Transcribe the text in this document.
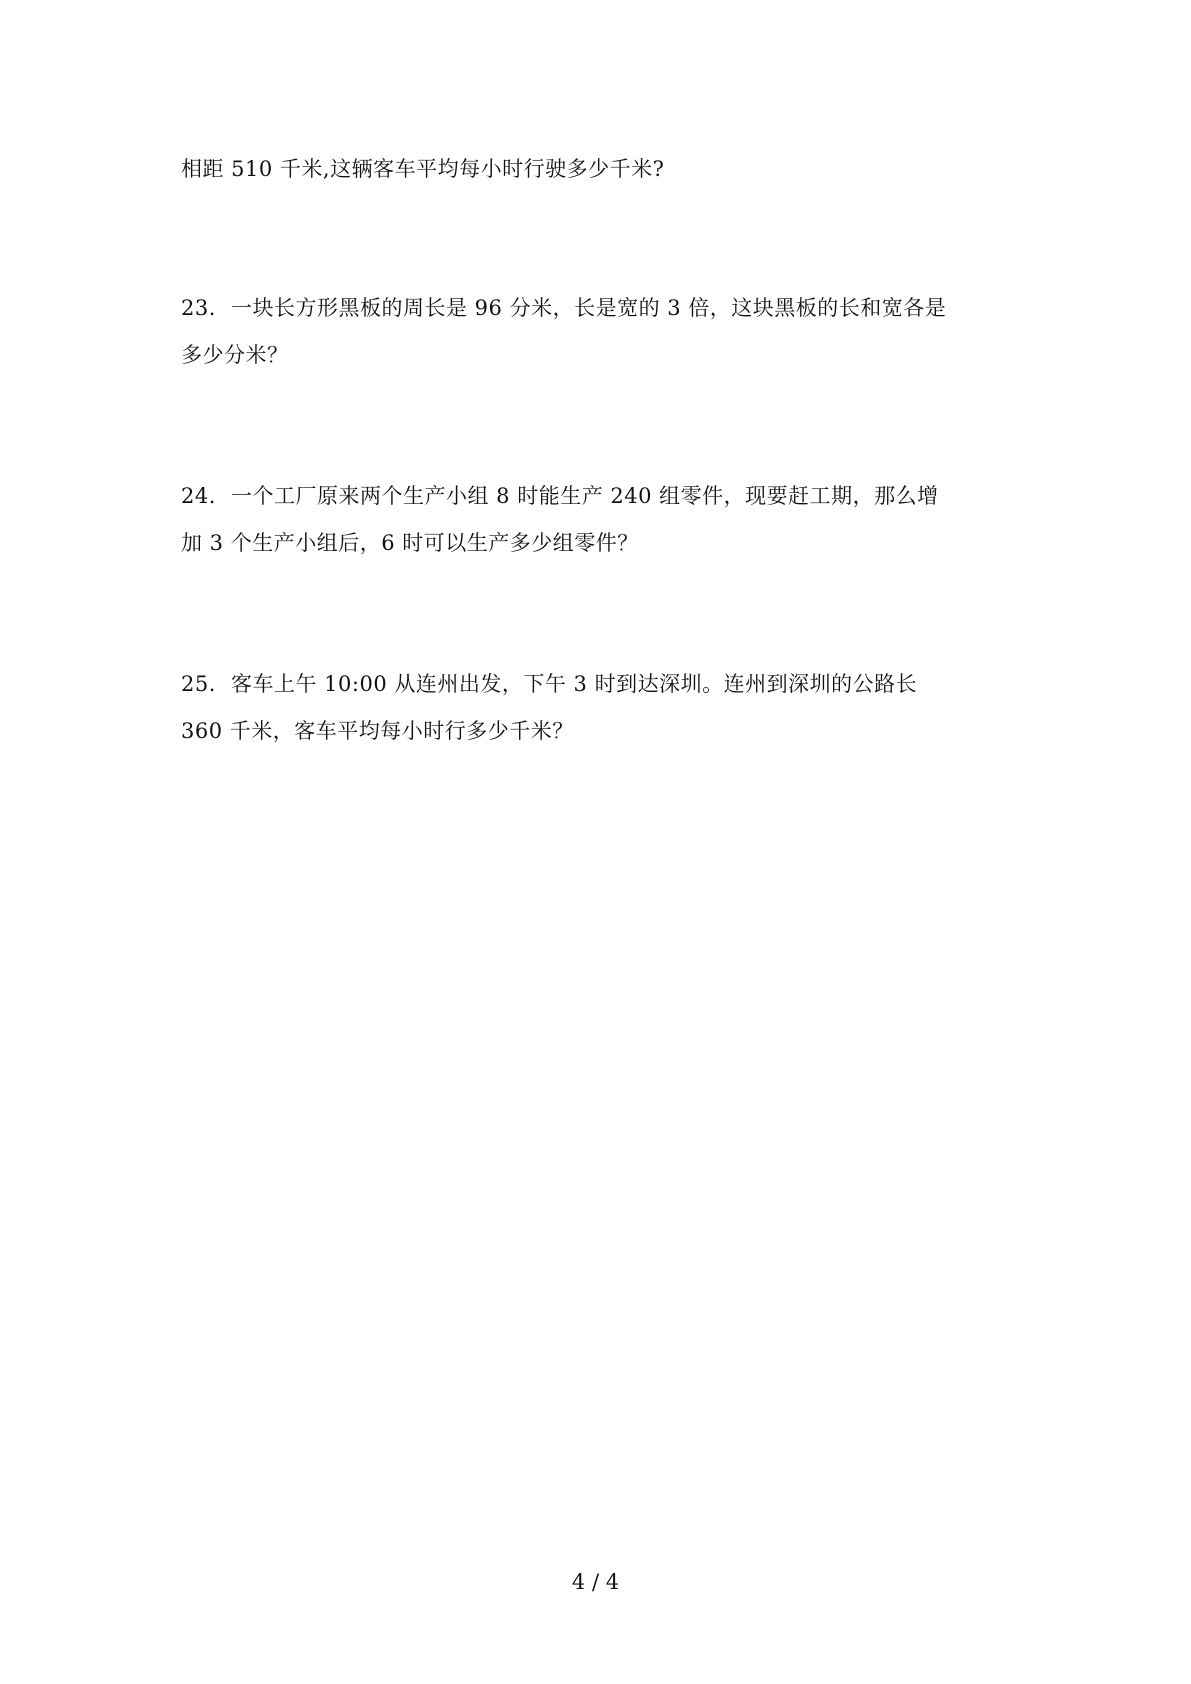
相距 510 千米,这辆客车平均每小时行驶多少千米?
23. 一块长方形黑板的周长是 96 分米，长是宽的 3 倍，这块黑板的长和宽各是
多少分米？
24. 一个工厂原来两个生产小组 8 时能生产 240 组零件，现要赶工期，那么增
加 3 个生产小组后，6 时可以生产多少组零件？
25. 客车上午 10:00 从连州出发，下午 3 时到达深圳。连州到深圳的公路长
360 千米，客车平均每小时行多少千米？
4 / 4
